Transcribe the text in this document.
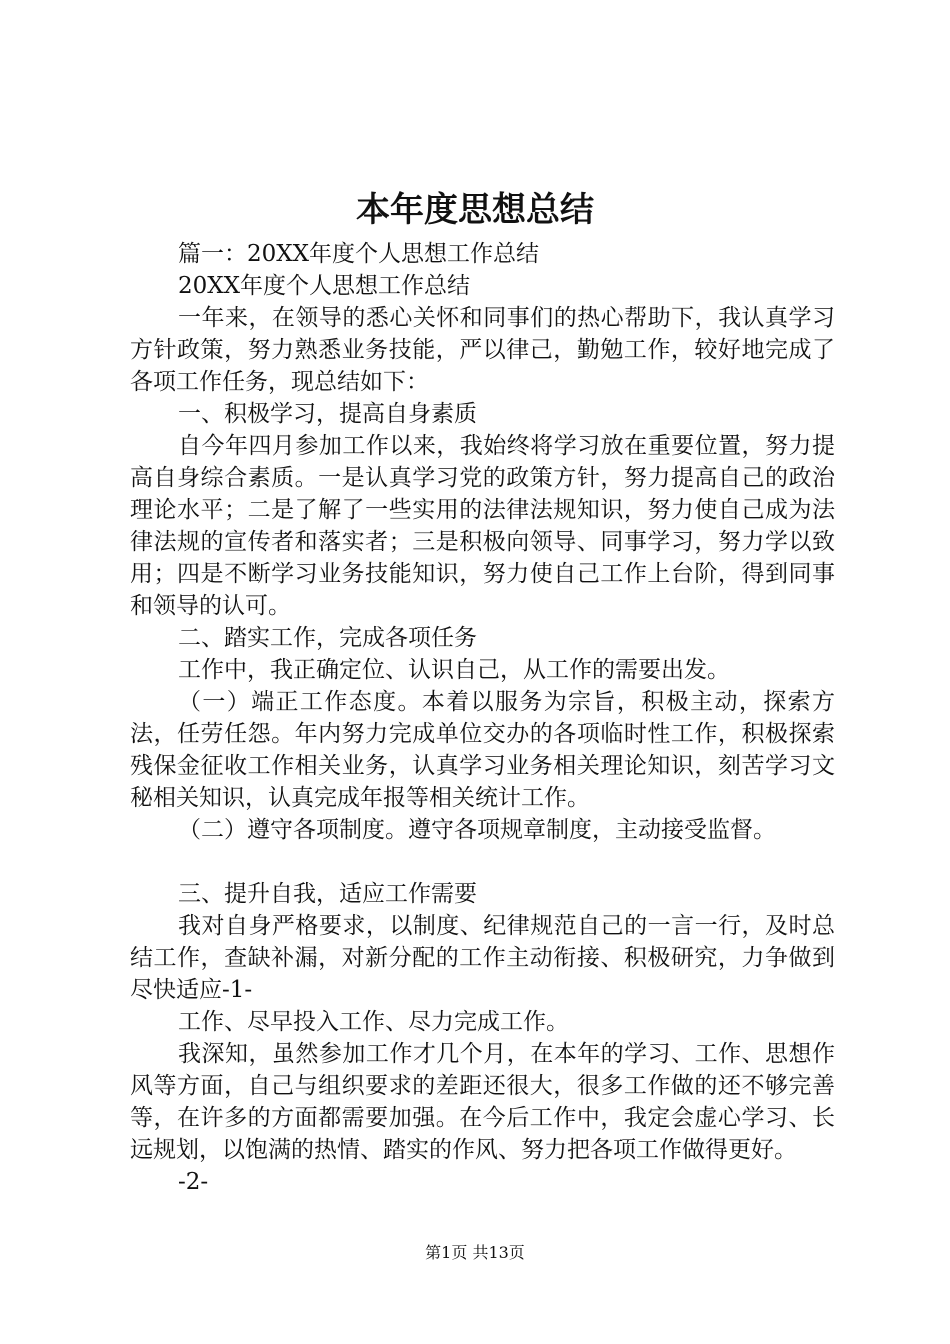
本年度思想总结

篇一：20XX年度个人思想工作总结

20XX年度个人思想工作总结

一年来，在领导的悉心关怀和同事们的热心帮助下，我认真学习方针政策，努力熟悉业务技能，严以律己，勤勉工作，较好地完成了各项工作任务，现总结如下：

一、积极学习，提高自身素质

自今年四月参加工作以来，我始终将学习放在重要位置，努力提高自身综合素质。一是认真学习党的政策方针，努力提高自己的政治理论水平；二是了解了一些实用的法律法规知识，努力使自己成为法律法规的宣传者和落实者；三是积极向领导、同事学习，努力学以致用；四是不断学习业务技能知识，努力使自己工作上台阶，得到同事和领导的认可。

二、踏实工作，完成各项任务

工作中，我正确定位、认识自己，从工作的需要出发。

（一）端正工作态度。本着以服务为宗旨，积极主动，探索方法，任劳任怨。年内努力完成单位交办的各项临时性工作，积极探索残保金征收工作相关业务，认真学习业务相关理论知识，刻苦学习文秘相关知识，认真完成年报等相关统计工作。

（二）遵守各项制度。遵守各项规章制度，主动接受监督。

三、提升自我，适应工作需要

我对自身严格要求，以制度、纪律规范自己的一言一行，及时总结工作，查缺补漏，对新分配的工作主动衔接、积极研究，力争做到尽快适应-1-

工作、尽早投入工作、尽力完成工作。

我深知，虽然参加工作才几个月，在本年的学习、工作、思想作风等方面，自己与组织要求的差距还很大，很多工作做的还不够完善等，在许多的方面都需要加强。在今后工作中，我定会虚心学习、长远规划，以饱满的热情、踏实的作风、努力把各项工作做得更好。

-2-

第1页 共13页
